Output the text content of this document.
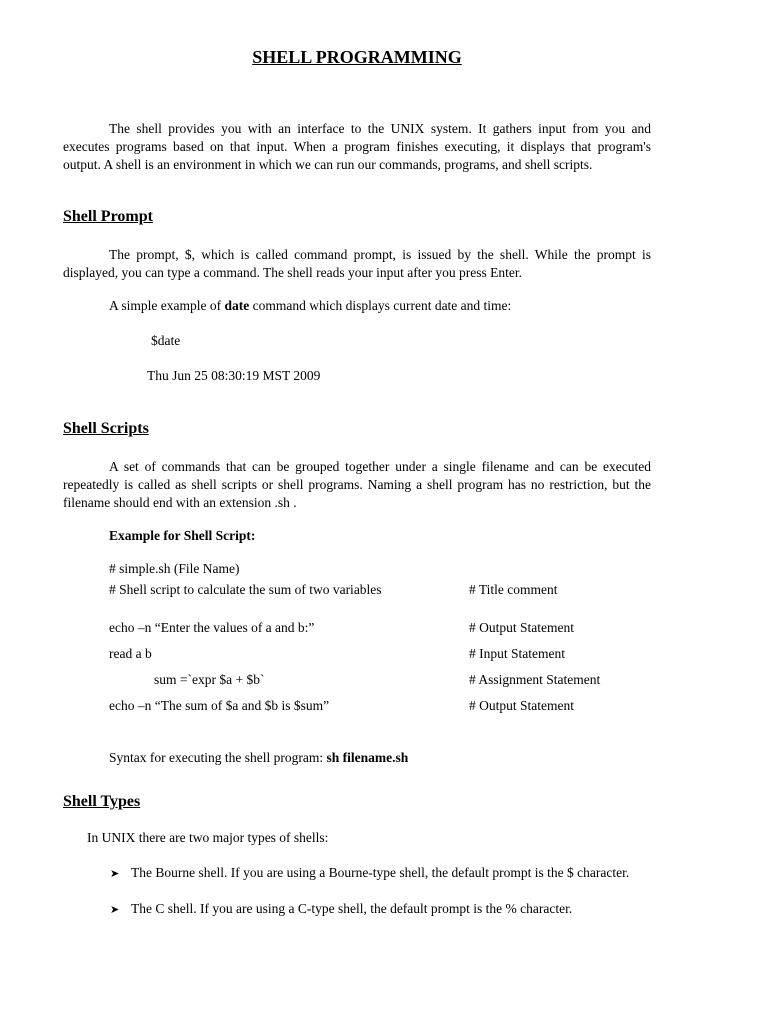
SHELL PROGRAMMING
The shell provides you with an interface to the UNIX system. It gathers input from you and executes programs based on that input. When a program finishes executing, it displays that program's output. A shell is an environment in which we can run our commands, programs, and shell scripts.
Shell Prompt
The prompt, $, which is called command prompt, is issued by the shell. While the prompt is displayed, you can type a command. The shell reads your input after you press Enter.
A simple example of date command which displays current date and time:
$date
Thu Jun 25 08:30:19 MST 2009
Shell Scripts
A set of commands that can be grouped together under a single filename and can be executed repeatedly is called as shell scripts or shell programs. Naming a shell program has no restriction, but the filename should end with an extension .sh .
Example for Shell Script:
# simple.sh (File Name)
# Shell script to calculate the sum of two variables	# Title comment
echo –n “Enter the values of a and b:”	# Output Statement
read a b	# Input Statement
sum =`expr $a + $b`	# Assignment Statement
echo –n “The sum of $a and $b is $sum”	# Output Statement
Syntax for executing the shell program: sh filename.sh
Shell Types
In UNIX there are two major types of shells:
➤ The Bourne shell. If you are using a Bourne-type shell, the default prompt is the $ character.
➤ The C shell. If you are using a C-type shell, the default prompt is the % character.
